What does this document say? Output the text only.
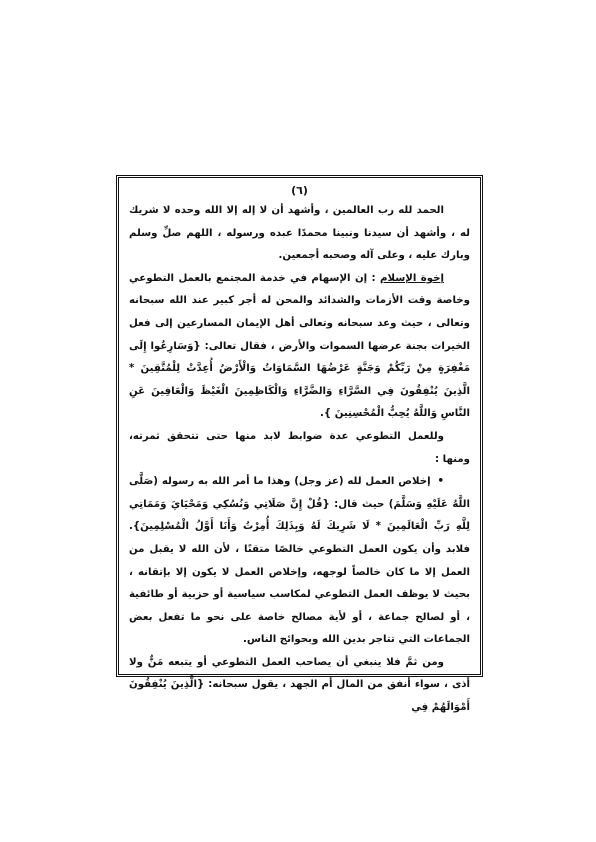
(٦)

الحمد لله رب العالمين ، وأشهد أن لا إله إلا الله وحده لا شريك له ، وأشهد أن سيدنا ونبينا محمدًا عبده ورسوله ، اللهم صلِّ وسلم وبارك عليه ، وعلى آله وصحبه أجمعين.

إخوة الإسلام : إن الإسهام في خدمة المجتمع بالعمل التطوعي وخاصة وقت الأزمات والشدائد والمحن له أجر كبير عند الله سبحانه وتعالى ، حيث وعد سبحانه وتعالى أهل الإيمان المسارعين إلى فعل الخيرات بجنة عرضها السموات والأرض ، فقال تعالى: {وَسَارِعُوا إِلَى مَغْفِرَةٍ مِنْ رَبِّكُمْ وَجَنَّةٍ عَرْضُهَا السَّمَاوَاتُ وَالْأَرْضُ أُعِدَّتْ لِلْمُتَّقِينَ * الَّذِينَ يُنْفِقُونَ فِي السَّرَّاءِ وَالضَّرَّاءِ وَالْكَاظِمِينَ الْغَيْظَ وَالْعَافِينَ عَنِ النَّاسِ وَاللَّهُ يُحِبُّ الْمُحْسِنِينَ }.

وللعمل التطوعي عدة ضوابط لابد منها حتى تتحقق ثمرته، ومنها :

• إخلاص العمل لله (عز وجل) وهذا ما أمر الله به رسوله (صَلَّى اللَّهُ عَلَيْهِ وَسَلَّمَ) حيث قال: {قُلْ إِنَّ صَلَاتِي وَنُسُكِي وَمَحْيَايَ وَمَمَاتِي لِلَّهِ رَبِّ الْعَالَمِينَ * لَا شَرِيكَ لَهُ وَبِذَلِكَ أُمِرْتُ وَأَنَا أَوَّلُ الْمُسْلِمِينَ}. فلابد وأن يكون العمل التطوعي خالصًا متقنًا ، لأن الله لا يقبل من العمل إلا ما كان خالصاً لوجهه، وإخلاص العمل لا يكون إلا بإتقانه ، بحيث لا يوظف العمل التطوعي لمكاسب سياسية أو حزبية أو طائفية ، أو لصالح جماعة ، أو لأية مصالح خاصة على نحو ما تفعل بعض الجماعات التي تتاجر بدين الله وبحوائج الناس.

ومن ثمَّ فلا ينبغي أن يصاحب العمل التطوعي أو يتبعه مَنٌّ ولا أذى ، سواء أنفق من المال أم الجهد ، يقول سبحانه: {الَّذِينَ يُنْفِقُونَ أَمْوَالَهُمْ فِي
